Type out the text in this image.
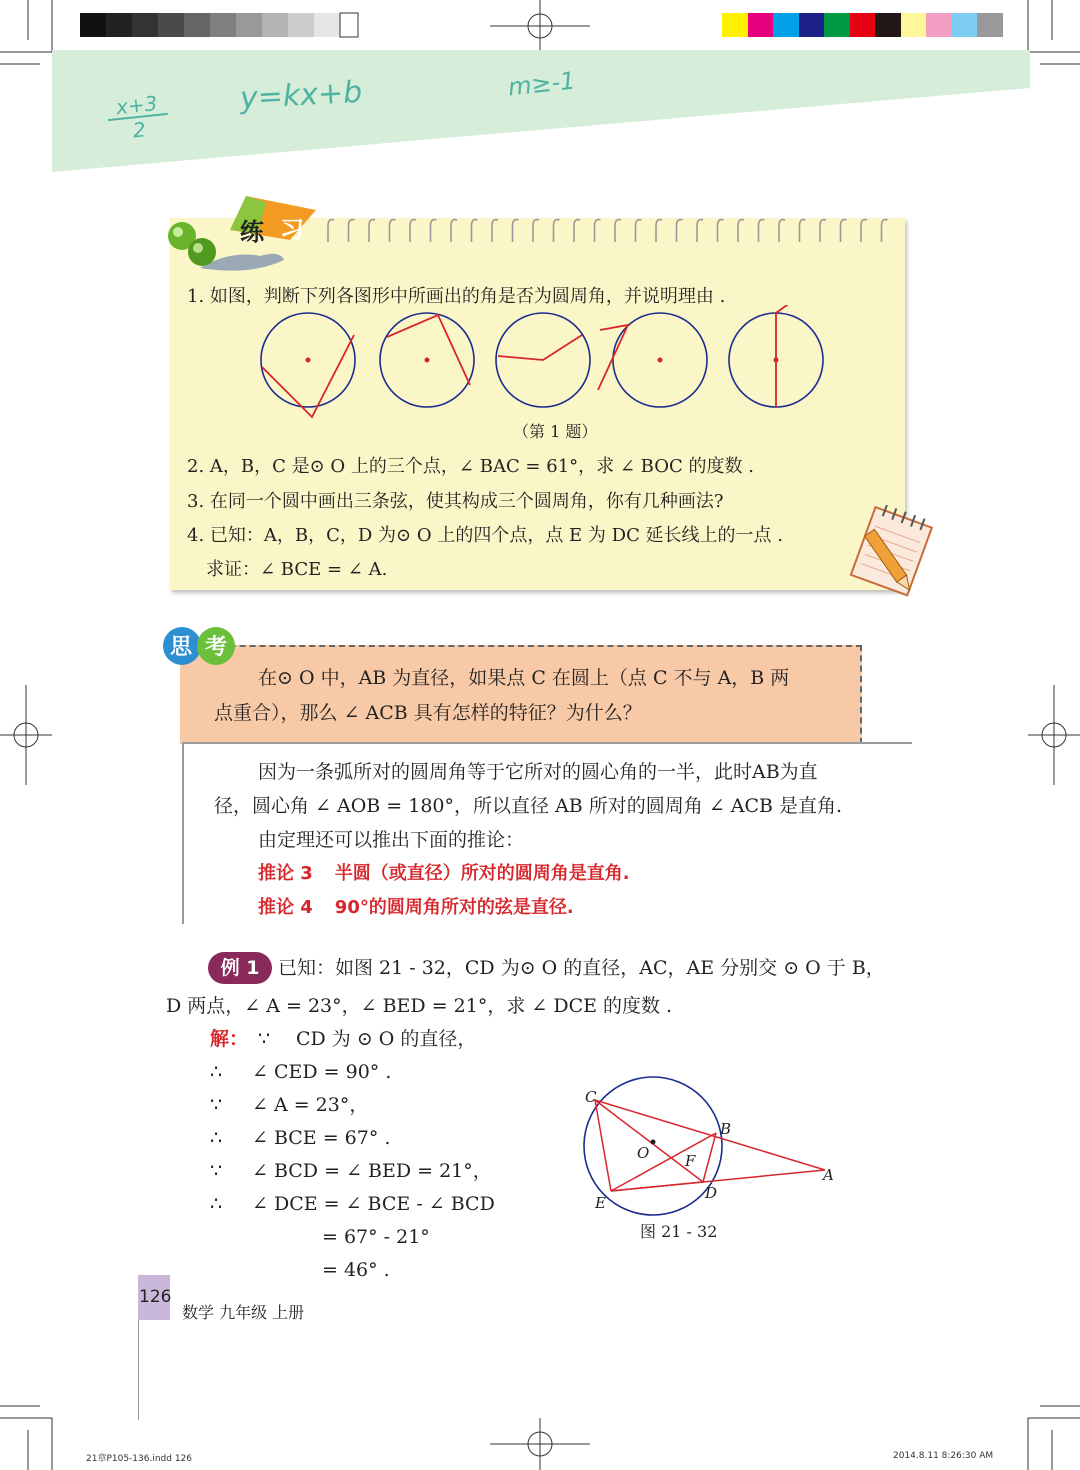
$\frac{x+3}{2} y=kx+b$	m≥-1
练 习
1. 如图，判断下列各图形中所画出的角是否为圆周角，并说明理由 .
（第 1 题）
2. A，B，C 是⊙ O 上的三个点，∠ BAC = 61°，求 ∠ BOC 的度数 .
3. 在同一个圆中画出三条弦，使其构成三个圆周角，你有几种画法?
4. 已知：A，B，C，D 为⊙ O 上的四个点，点 E 为 DC 延长线上的一点 .
求证：∠ BCE = ∠ A.
思 考
在⊙ O 中，AB 为直径，如果点 C 在圆上（点 C 不与 A，B 两
点重合），那么 ∠ ACB 具有怎样的特征？为什么？
因为一条弧所对的圆周角等于它所对的圆心角的一半，此时AB为直
径，圆心角 ∠ AOB = 180°，所以直径 AB 所对的圆周角 ∠ ACB 是直角.
由定理还可以推出下面的推论：
推论 3 半圆（或直径）所对的圆周角是直角.
推论 4 90°的圆周角所对的弦是直径.
例 1 已知：如图 21 - 32，CD 为⊙ O 的直径，AC，AE 分别交 ⊙ O 于 B，
D 两点，∠ A = 23°，∠ BED = 21°，求 ∠ DCE 的度数 .
解： ∵ CD 为 ⊙ O 的直径，
∴ ∠ CED = 90° .
∵ ∠ A = 23°，
∴ ∠ BCE = 67° .
∵ ∠ BCD = ∠ BED = 21°，
∴ ∠ DCE = ∠ BCE - ∠ BCD
= 67° - 21°
= 46° .
C
B
O F
E
D
A
图 21 - 32
126
数学 九年级 上册
21章P105-136.indd 126	2014.8.11 8:26:30 AM
